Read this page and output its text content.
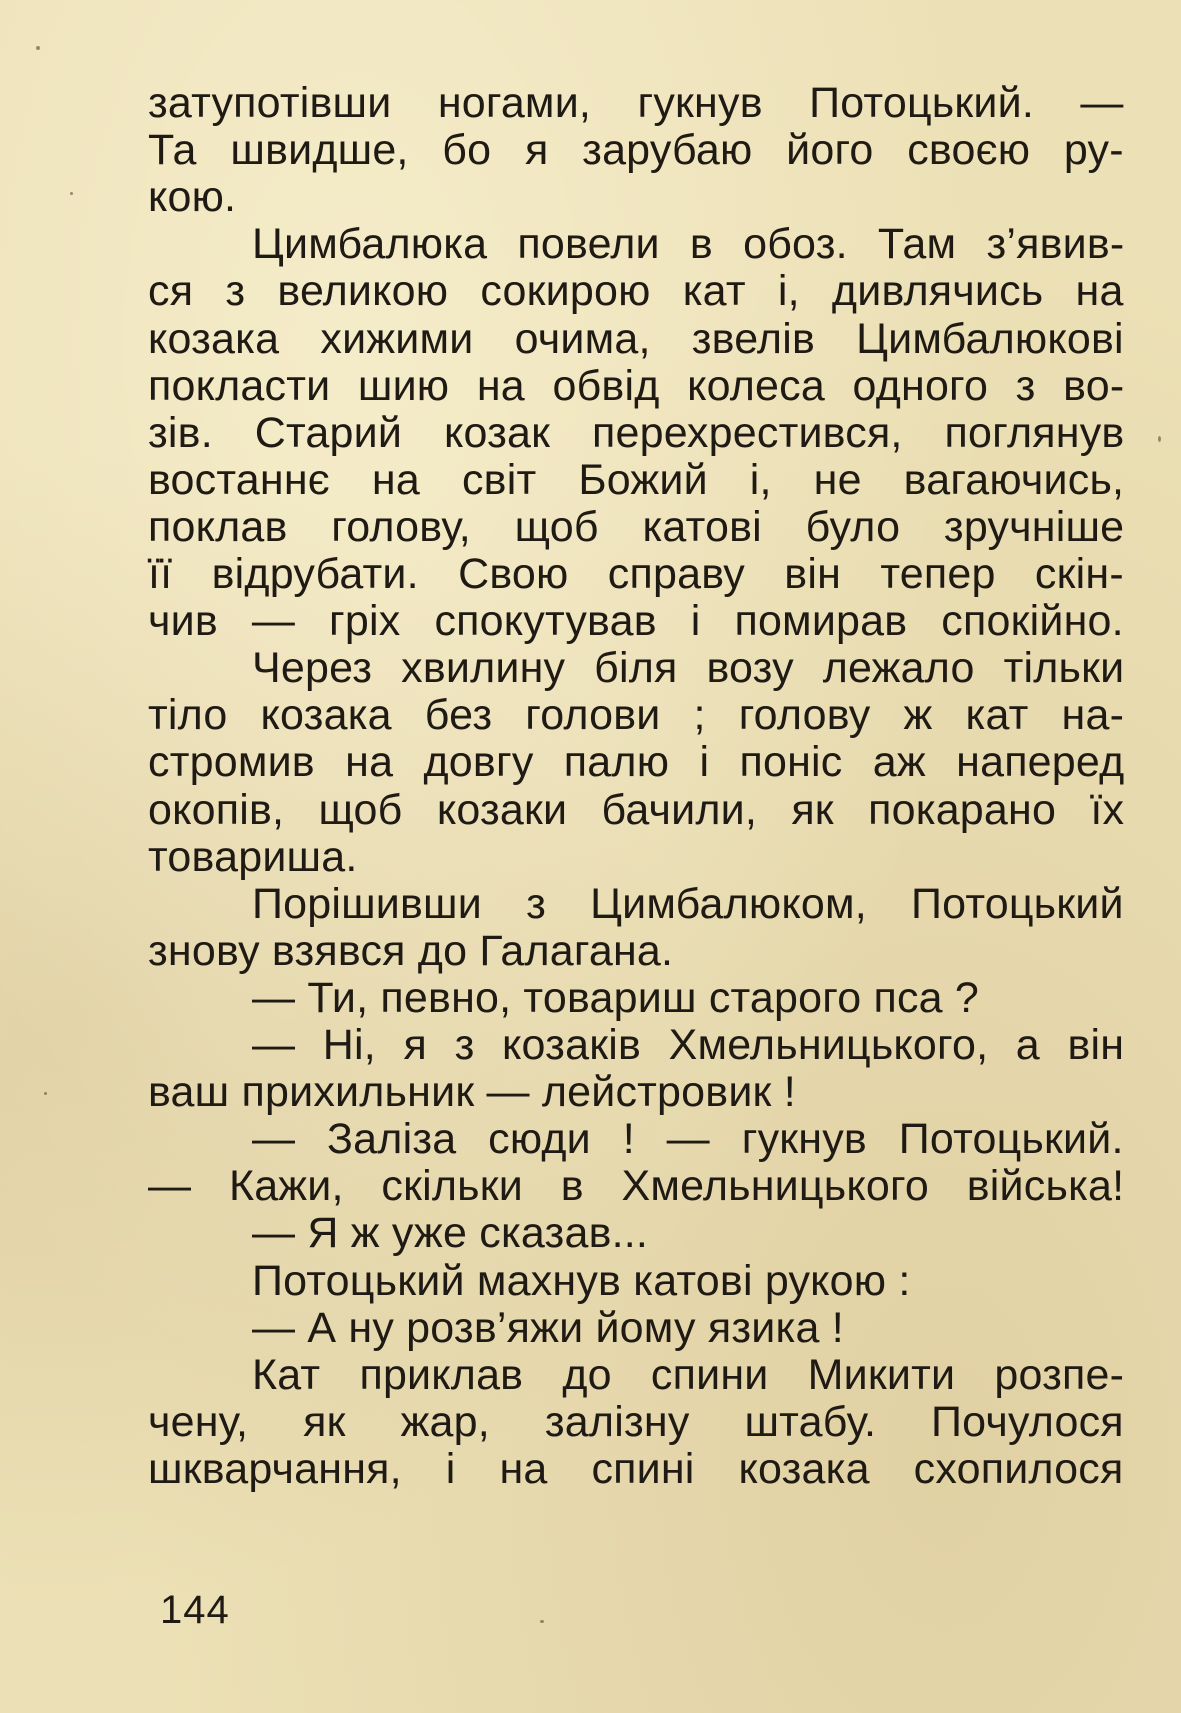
затупотівши ногами, гукнув Потоцький. —
Та швидше, бо я зарубаю його своєю ру-
кою.
Цимбалюка повели в обоз. Там з’явив-
ся з великою сокирою кат і, дивлячись на
козака хижими очима, звелів Цимбалюкові
покласти шию на обвід колеса одного з во-
зів. Старий козак перехрестився, поглянув
востаннє на світ Божий і, не вагаючись,
поклав голову, щоб катові було зручніше
її відрубати. Свою справу він тепер скін-
чив — гріх спокутував і помирав спокійно.
Через хвилину біля возу лежало тільки
тіло козака без голови ; голову ж кат на-
стромив на довгу палю і поніс аж наперед
окопів, щоб козаки бачили, як покарано їх
товариша.
Порішивши з Цимбалюком, Потоцький
знову взявся до Галагана.
— Ти, певно, товариш старого пса ?
— Ні, я з козаків Хмельницького, а він
ваш прихильник — лейстровик !
— Заліза сюди ! — гукнув Потоцький.
— Кажи, скільки в Хмельницького війська!
— Я ж уже сказав...
Потоцький махнув катові рукою :
— А ну розв’яжи йому язика !
Кат приклав до спини Микити розпе-
чену, як жар, залізну штабу. Почулося
шкварчання, і на спині козака схопилося
144
